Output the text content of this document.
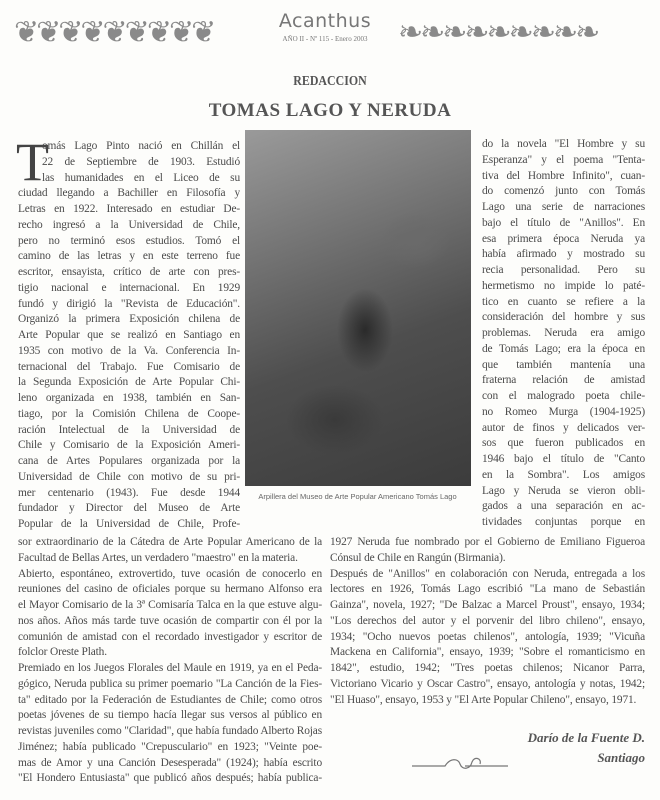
❦❦❦❦❦❦❦❦❦	Acanthus
AÑO II - Nº 115 - Enero 2003	❧❧❧❧❧❧❧❧❧
REDACCION
TOMAS LAGO Y NERUDA
T
omás Lago Pinto nació en Chillán el
22 de Septiembre de 1903. Estudió
las humanidades en el Liceo de su
ciudad llegando a Bachiller en Filosofía y
Letras en 1922. Interesado en estudiar De-
recho ingresó a la Universidad de Chile,
pero no terminó esos estudios. Tomó el
camino de las letras y en este terreno fue
escritor, ensayista, crítico de arte con pres-
tigio nacional e internacional. En 1929
fundó y dirigió la "Revista de Educación".
Organizó la primera Exposición chilena de
Arte Popular que se realizó en Santiago en
1935 con motivo de la Va. Conferencia In-
ternacional del Trabajo. Fue Comisario de
la Segunda Exposición de Arte Popular Chi-
leno organizada en 1938, también en San-
tiago, por la Comisión Chilena de Coope-
ración Intelectual de la Universidad de
Chile y Comisario de la Exposición Ameri-
cana de Artes Populares organizada por la
Universidad de Chile con motivo de su pri-
mer centenario (1943). Fue desde 1944
fundador y Director del Museo de Arte
Popular de la Universidad de Chile, Profe-
Arpillera del Museo de Arte Popular Americano Tomás Lago
do la novela "El Hombre y su
Esperanza" y el poema "Tenta-
tiva del Hombre Infinito", cuan-
do comenzó junto con Tomás
Lago una serie de narraciones
bajo el título de "Anillos". En
esa primera época Neruda ya
había afirmado y mostrado su
recia personalidad. Pero su
hermetismo no impide lo paté-
tico en cuanto se refiere a la
consideración del hombre y sus
problemas. Neruda era amigo
de Tomás Lago; era la época en
que también mantenía una
fraterna relación de amistad
con el malogrado poeta chile-
no Romeo Murga (1904-1925)
autor de finos y delicados ver-
sos que fueron publicados en
1946 bajo el título de "Canto
en la Sombra". Los amigos
Lago y Neruda se vieron obli-
gados a una separación en ac-
tividades conjuntas porque en
sor extraordinario de la Cátedra de Arte Popular Americano de la
Facultad de Bellas Artes, un verdadero "maestro" en la materia.
Abierto, espontáneo, extrovertido, tuve ocasión de conocerlo en
reuniones del casino de oficiales porque su hermano Alfonso era
el Mayor Comisario de la 3ª Comisaría Talca en la que estuve algu-
nos años. Años más tarde tuve ocasión de compartir con él por la
comunión de amistad con el recordado investigador y escritor de
folclor Oreste Plath.
Premiado en los Juegos Florales del Maule en 1919, ya en el Peda-
gógico, Neruda publica su primer poemario "La Canción de la Fies-
ta" editado por la Federación de Estudiantes de Chile; como otros
poetas jóvenes de su tiempo hacía llegar sus versos al público en
revistas juveniles como "Claridad", que había fundado Alberto Rojas
Jiménez; había publicado "Crepusculario" en 1923; "Veinte poe-
mas de Amor y una Canción Desesperada" (1924); había escrito
"El Hondero Entusiasta" que publicó años después; había publica-
1927 Neruda fue nombrado por el Gobierno de Emiliano Figueroa
Cónsul de Chile en Rangún (Birmania).
Después de "Anillos" en colaboración con Neruda, entregada a los
lectores en 1926, Tomás Lago escribió "La mano de Sebastián
Gainza", novela, 1927; "De Balzac a Marcel Proust", ensayo, 1934;
"Los derechos del autor y el porvenir del libro chileno", ensayo,
1934; "Ocho nuevos poetas chilenos", antología, 1939; "Vicuña
Mackena en California", ensayo, 1939; "Sobre el romanticismo en
1842", estudio, 1942; "Tres poetas chilenos; Nicanor Parra,
Victoriano Vicario y Oscar Castro", ensayo, antología y notas, 1942;
"El Huaso", ensayo, 1953 y "El Arte Popular Chileno", ensayo, 1971.
Darío de la Fuente D.
Santiago
